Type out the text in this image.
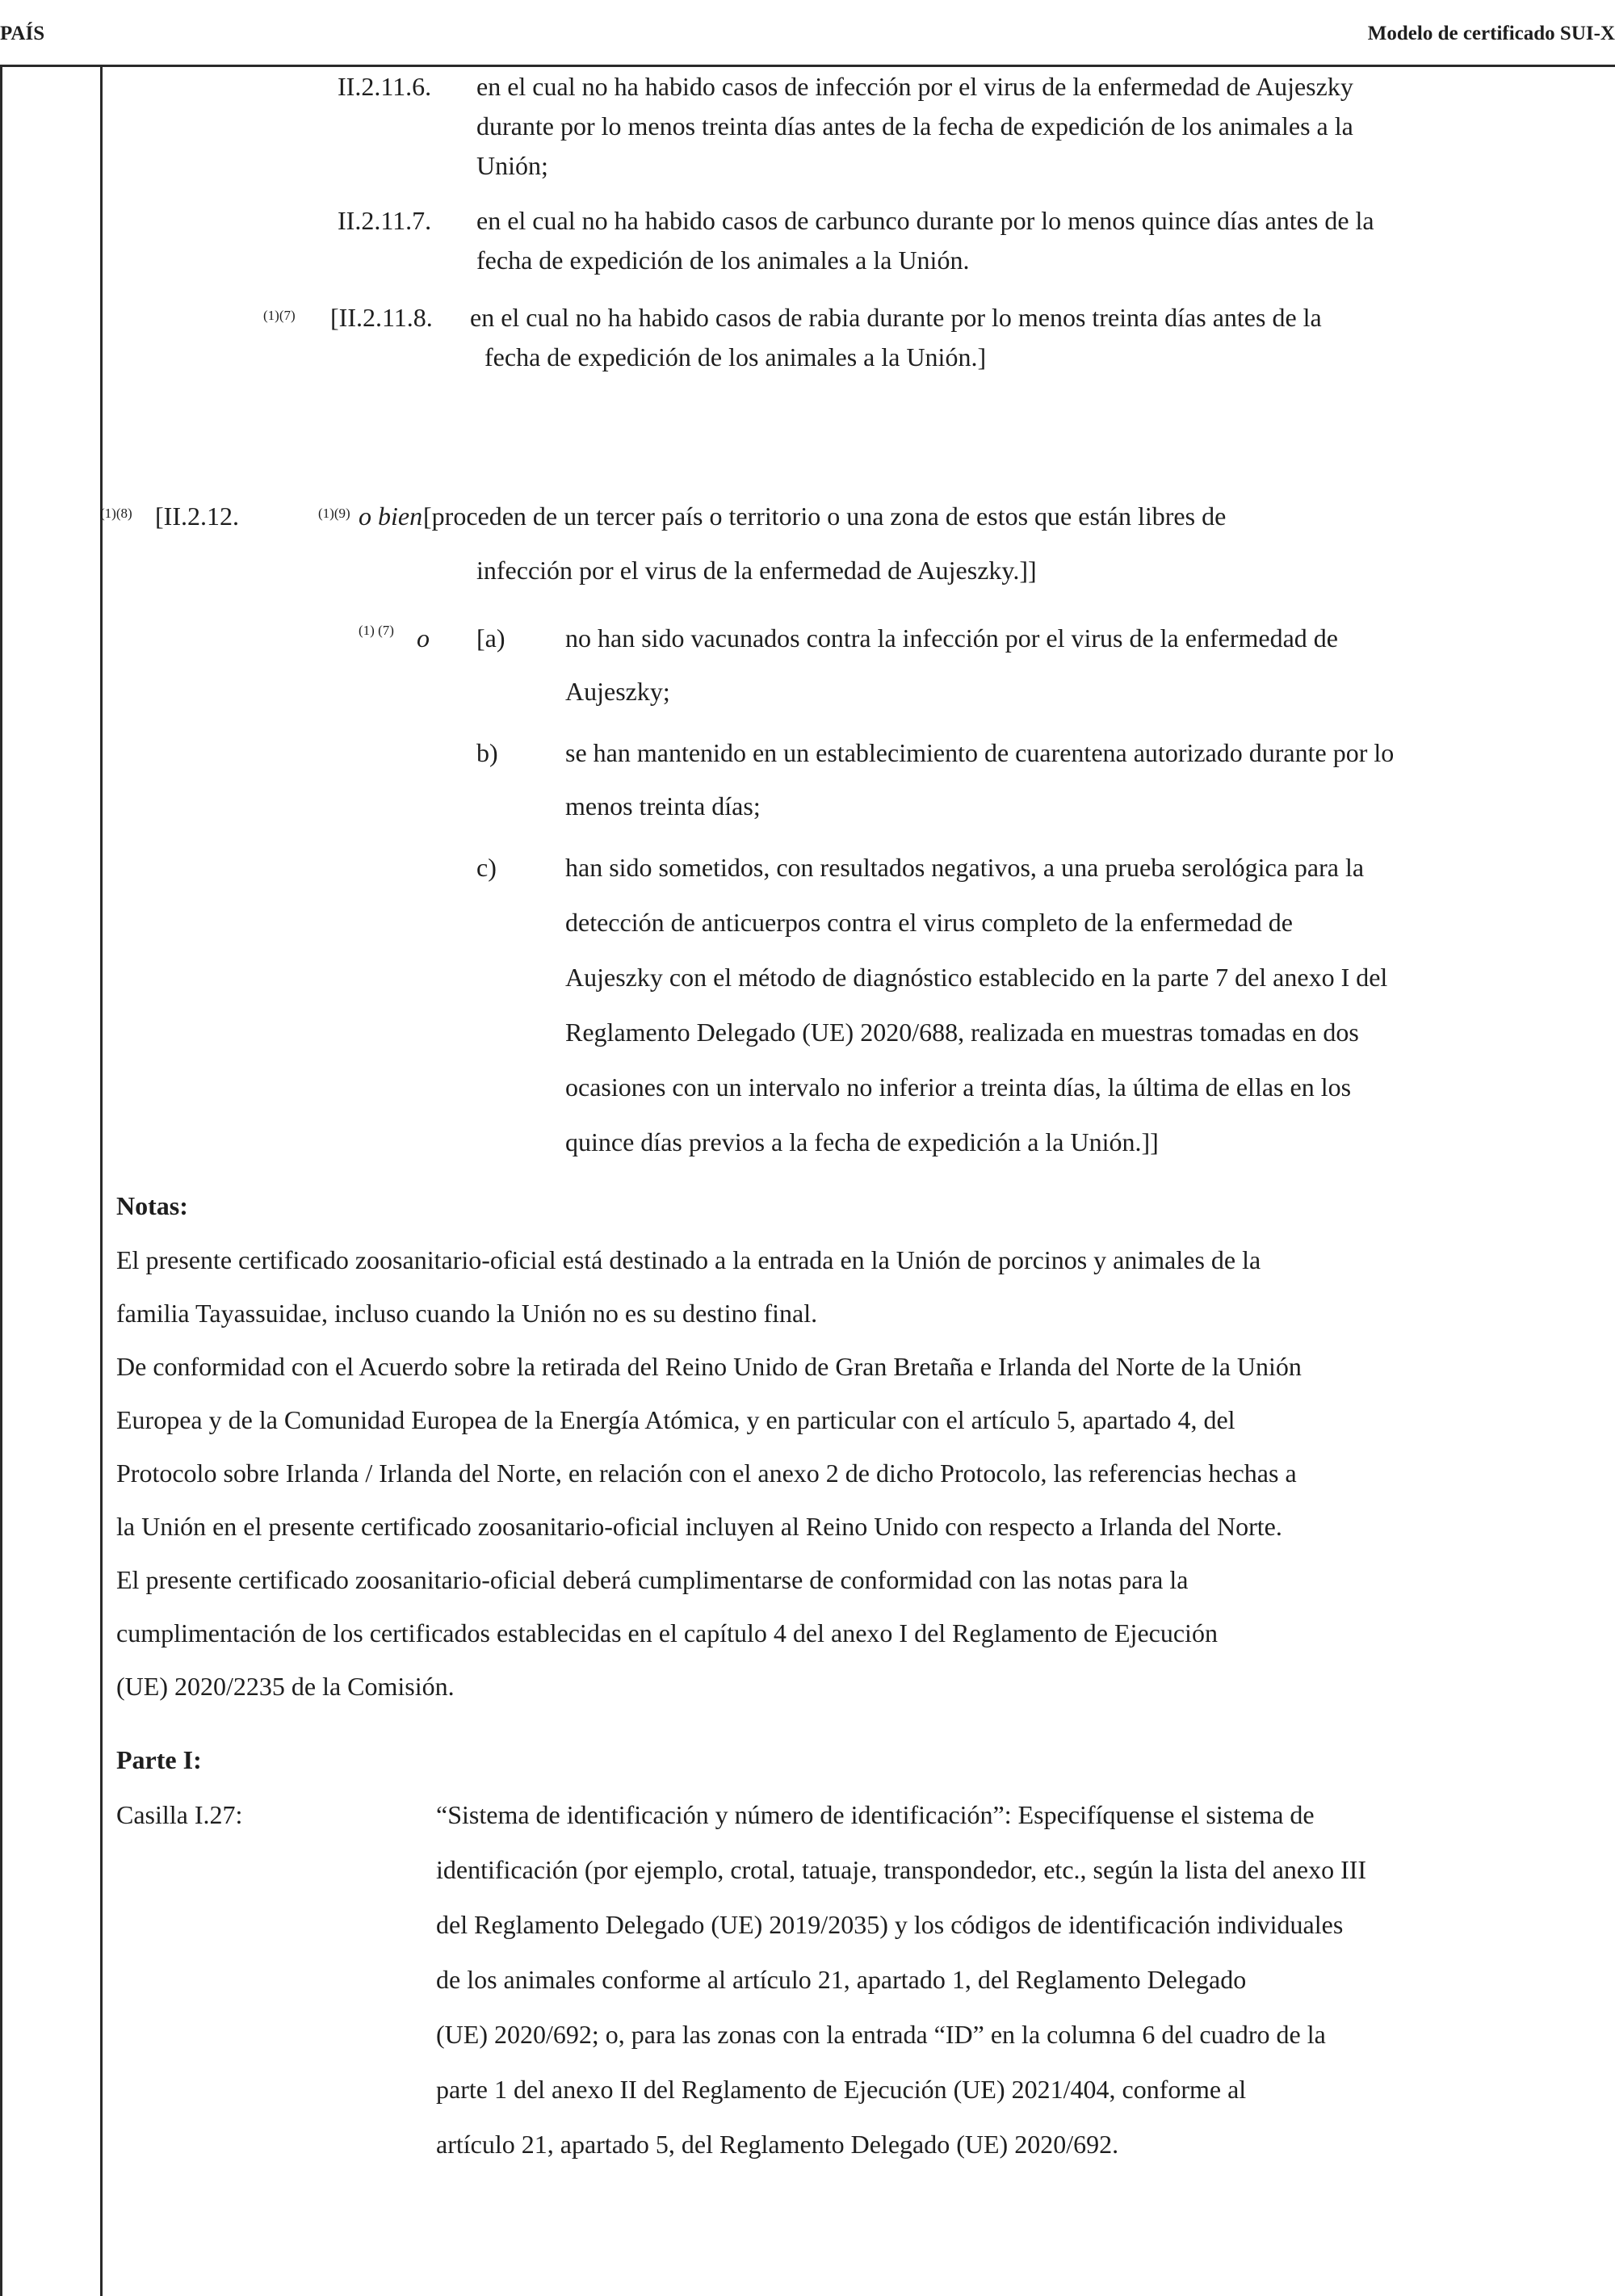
PAÍS	Modelo de certificado SUI-X
II.2.11.6. en el cual no ha habido casos de infección por el virus de la enfermedad de Aujeszky
durante por lo menos treinta días antes de la fecha de expedición de los animales a la
Unión;
II.2.11.7. en el cual no ha habido casos de carbunco durante por lo menos quince días antes de la
fecha de expedición de los animales a la Unión.
(1)(7) [II.2.11.8. en el cual no ha habido casos de rabia durante por lo menos treinta días antes de la
fecha de expedición de los animales a la Unión.]
(1)(8) [II.2.12.	(1)(9) o bien [proceden de un tercer país o territorio o una zona de estos que están libres de
infección por el virus de la enfermedad de Aujeszky.]]
(1) (7) o [a) no han sido vacunados contra la infección por el virus de la enfermedad de
Aujeszky;
b)	se han mantenido en un establecimiento de cuarentena autorizado durante por lo
menos treinta días;
c)	han sido sometidos, con resultados negativos, a una prueba serológica para la
detección de anticuerpos contra el virus completo de la enfermedad de
Aujeszky con el método de diagnóstico establecido en la parte 7 del anexo I del
Reglamento Delegado (UE) 2020/688, realizada en muestras tomadas en dos
ocasiones con un intervalo no inferior a treinta días, la última de ellas en los
quince días previos a la fecha de expedición a la Unión.]]
Notas:
El presente certificado zoosanitario-oficial está destinado a la entrada en la Unión de porcinos y animales de la
familia Tayassuidae, incluso cuando la Unión no es su destino final.
De conformidad con el Acuerdo sobre la retirada del Reino Unido de Gran Bretaña e Irlanda del Norte de la Unión
Europea y de la Comunidad Europea de la Energía Atómica, y en particular con el artículo 5, apartado 4, del
Protocolo sobre Irlanda / Irlanda del Norte, en relación con el anexo 2 de dicho Protocolo, las referencias hechas a
la Unión en el presente certificado zoosanitario-oficial incluyen al Reino Unido con respecto a Irlanda del Norte.
El presente certificado zoosanitario-oficial deberá cumplimentarse de conformidad con las notas para la
cumplimentación de los certificados establecidas en el capítulo 4 del anexo I del Reglamento de Ejecución
(UE) 2020/2235 de la Comisión.
Parte I:
Casilla I.27:	“Sistema de identificación y número de identificación”: Especifíquense el sistema de
identificación (por ejemplo, crotal, tatuaje, transpondedor, etc., según la lista del anexo III
del Reglamento Delegado (UE) 2019/2035) y los códigos de identificación individuales
de los animales conforme al artículo 21, apartado 1, del Reglamento Delegado
(UE) 2020/692; o, para las zonas con la entrada “ID” en la columna 6 del cuadro de la
parte 1 del anexo II del Reglamento de Ejecución (UE) 2021/404, conforme al
artículo 21, apartado 5, del Reglamento Delegado (UE) 2020/692.
